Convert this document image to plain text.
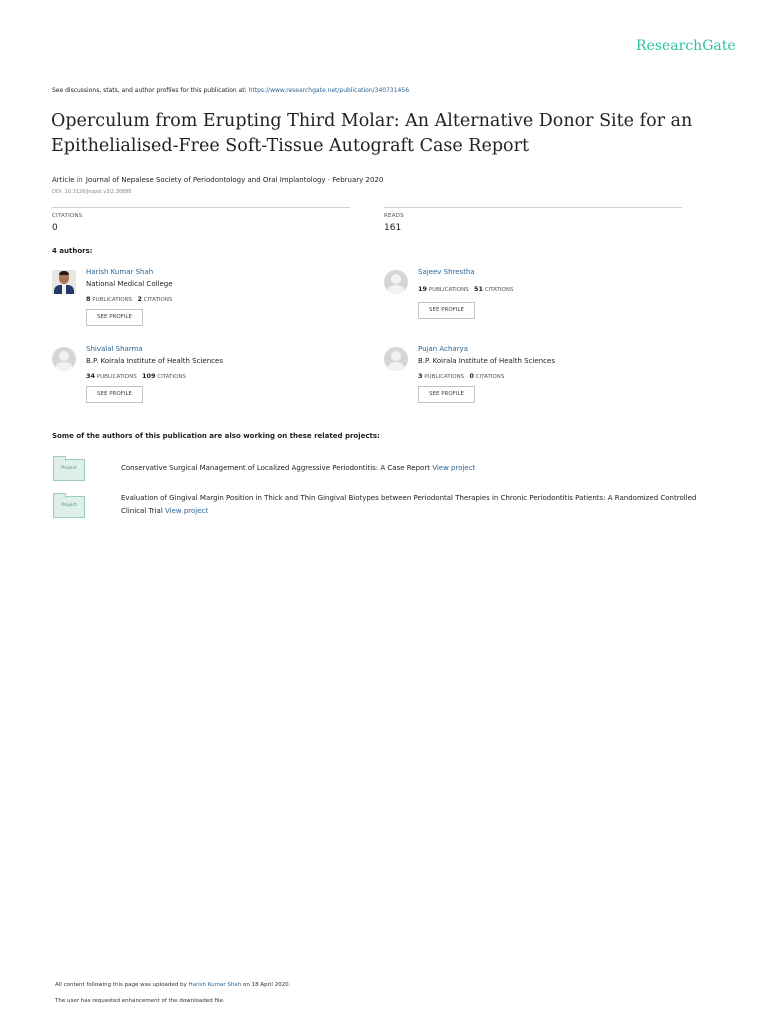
ResearchGate
See discussions, stats, and author profiles for this publication at: https://www.researchgate.net/publication/340731456
Operculum from Erupting Third Molar: An Alternative Donor Site for an
Epithelialised-Free Soft-Tissue Autograft Case Report
Article in Journal of Nepalese Society of Periodontology and Oral Implantology · February 2020
DOI: 10.3126/jnspoi.v3i2.30888
CITATIONS
0
READS
161
4 authors:
Harish Kumar Shah
National Medical College
8 PUBLICATIONS 2 CITATIONS
SEE PROFILE
Sajeev Shrestha
19 PUBLICATIONS 51 CITATIONS
SEE PROFILE
Shivalal Sharma
B.P. Koirala Institute of Health Sciences
34 PUBLICATIONS 109 CITATIONS
SEE PROFILE
Pujan Acharya
B.P. Koirala Institute of Health Sciences
3 PUBLICATIONS 0 CITATIONS
SEE PROFILE
Some of the authors of this publication are also working on these related projects:
Project	Conservative Surgical Management of Localized Aggressive Periodontitis: A Case Report View project
Project
Evaluation of Gingival Margin Position in Thick and Thin Gingival Biotypes between Periodontal Therapies in Chronic Periodontitis Patients: A Randomized Controlled Clinical Trial View project
All content following this page was uploaded by Harish Kumar Shah on 18 April 2020.
The user has requested enhancement of the downloaded file.
